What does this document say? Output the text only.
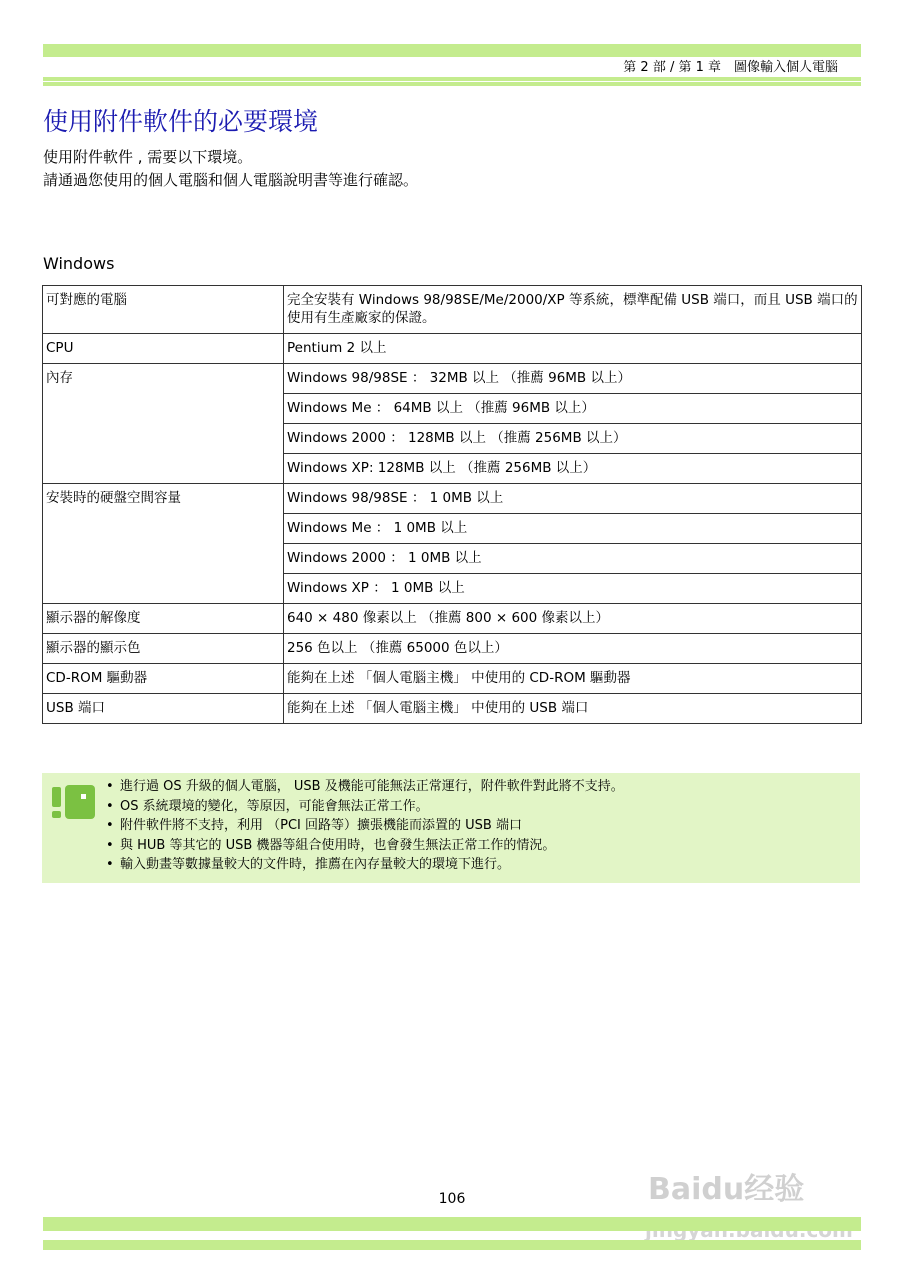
第 2 部 / 第 1 章　圖像輸入個人電腦
使用附件軟件的必要環境
使用附件軟件 , 需要以下環境。
請通過您使用的個人電腦和個人電腦說明書等進行確認。
Windows
可對應的電腦	完全安裝有 Windows 98/98SE/Me/2000/XP 等系統，標準配備 USB 端口，而且 USB 端口的使用有生產廠家的保證。
CPU	Pentium 2 以上
內存	Windows 98/98SE ： 32MB 以上 （推薦 96MB 以上）
	Windows Me ： 64MB 以上 （推薦 96MB 以上）
	Windows 2000 ： 128MB 以上 （推薦 256MB 以上）
	Windows XP: 128MB 以上 （推薦 256MB 以上）
安裝時的硬盤空間容量	Windows 98/98SE ： 1 0MB 以上
	Windows Me ： 1 0MB 以上
	Windows 2000 ： 1 0MB 以上
	Windows XP ： 1 0MB 以上
顯示器的解像度	640 × 480 像素以上 （推薦 800 × 600 像素以上）
顯示器的顯示色	256 色以上 （推薦 65000 色以上）
CD-ROM 驅動器	能夠在上述 「個人電腦主機」 中使用的 CD-ROM 驅動器
USB 端口	能夠在上述 「個人電腦主機」 中使用的 USB 端口
• 進行過 OS 升級的個人電腦， USB 及機能可能無法正常運行，附件軟件對此將不支持。
• OS 系統環境的變化，等原因，可能會無法正常工作。
• 附件軟件將不支持，利用 （PCI 回路等）擴張機能而添置的 USB 端口
• 與 HUB 等其它的 USB 機器等組合使用時，也會發生無法正常工作的情況。
• 輸入動畫等數據量較大的文件時，推薦在內存量較大的環境下進行。
106	Baidu经验
